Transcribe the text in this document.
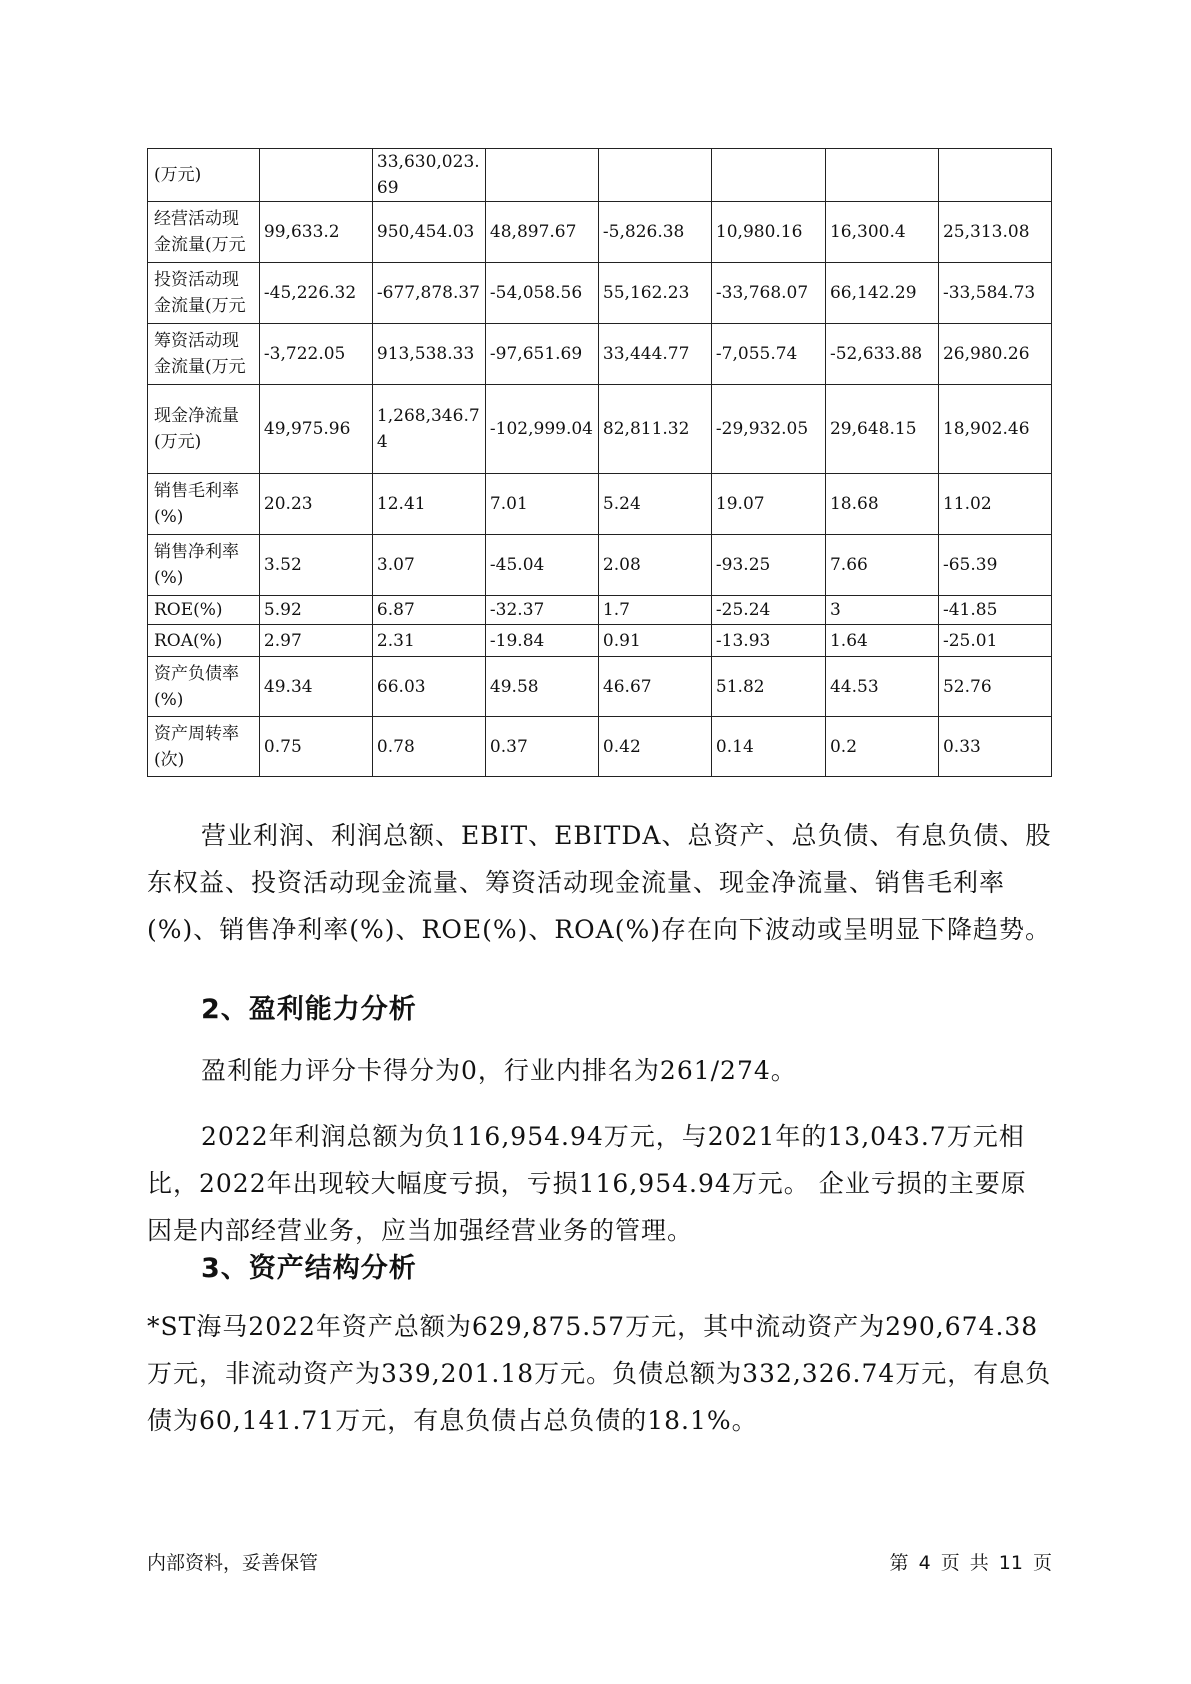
(万元)		33,630,023.69					
经营活动现金流量(万元	99,633.2	950,454.03	48,897.67	-5,826.38	10,980.16	16,300.4	25,313.08
投资活动现金流量(万元	-45,226.32	-677,878.37	-54,058.56	55,162.23	-33,768.07	66,142.29	-33,584.73
筹资活动现金流量(万元	-3,722.05	913,538.33	-97,651.69	33,444.77	-7,055.74	-52,633.88	26,980.26
现金净流量(万元)	49,975.96	1,268,346.74	-102,999.04	82,811.32	-29,932.05	29,648.15	18,902.46
销售毛利率(%)	20.23	12.41	7.01	5.24	19.07	18.68	11.02
销售净利率(%)	3.52	3.07	-45.04	2.08	-93.25	7.66	-65.39
ROE(%)	5.92	6.87	-32.37	1.7	-25.24	3	-41.85
ROA(%)	2.97	2.31	-19.84	0.91	-13.93	1.64	-25.01
资产负债率(%)	49.34	66.03	49.58	46.67	51.82	44.53	52.76
资产周转率(次)	0.75	0.78	0.37	0.42	0.14	0.2	0.33

营业利润、利润总额、EBIT、EBITDA、总资产、总负债、有息负债、股东权益、投资活动现金流量、筹资活动现金流量、现金净流量、销售毛利率(%)、销售净利率(%)、ROE(%)、ROA(%)存在向下波动或呈明显下降趋势。

2、盈利能力分析

盈利能力评分卡得分为0，行业内排名为261/274。

2022年利润总额为负116,954.94万元，与2021年的13,043.7万元相比，2022年出现较大幅度亏损，亏损116,954.94万元。 企业亏损的主要原因是内部经营业务，应当加强经营业务的管理。

3、资产结构分析

*ST海马2022年资产总额为629,875.57万元，其中流动资产为290,674.38万元，非流动资产为339,201.18万元。负债总额为332,326.74万元，有息负债为60,141.71万元，有息负债占总负债的18.1%。

内部资料，妥善保管	第 4 页 共 11 页
